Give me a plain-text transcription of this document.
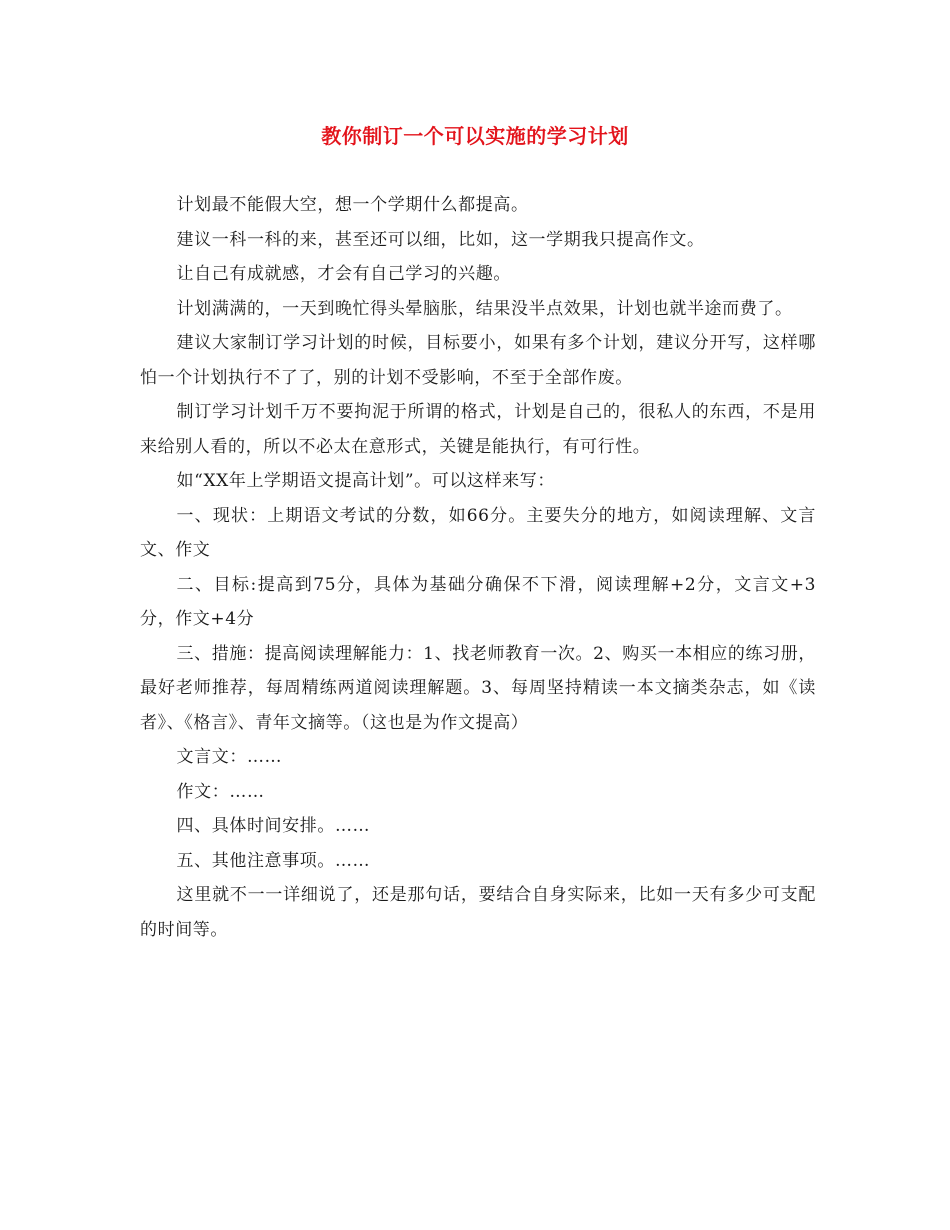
教你制订一个可以实施的学习计划

计划最不能假大空，想一个学期什么都提高。

建议一科一科的来，甚至还可以细，比如，这一学期我只提高作文。

让自己有成就感，才会有自己学习的兴趣。

计划满满的，一天到晚忙得头晕脑胀，结果没半点效果，计划也就半途而费了。

建议大家制订学习计划的时候，目标要小，如果有多个计划，建议分开写，这样哪怕一个计划执行不了了，别的计划不受影响，不至于全部作废。

制订学习计划千万不要拘泥于所谓的格式，计划是自己的，很私人的东西，不是用来给别人看的，所以不必太在意形式，关键是能执行，有可行性。

如“XX年上学期语文提高计划”。可以这样来写：

一、现状：上期语文考试的分数，如66分。主要失分的地方，如阅读理解、文言文、作文

二、目标:提高到75分，具体为基础分确保不下滑，阅读理解+2分，文言文+3分，作文+4分

三、措施：提高阅读理解能力：1、找老师教育一次。2、购买一本相应的练习册，最好老师推荐，每周精练两道阅读理解题。3、每周坚持精读一本文摘类杂志，如《读者》、《格言》、青年文摘等。（这也是为作文提高）

文言文：……

作文：……

四、具体时间安排。……

五、其他注意事项。……

这里就不一一详细说了，还是那句话，要结合自身实际来，比如一天有多少可支配的时间等。
